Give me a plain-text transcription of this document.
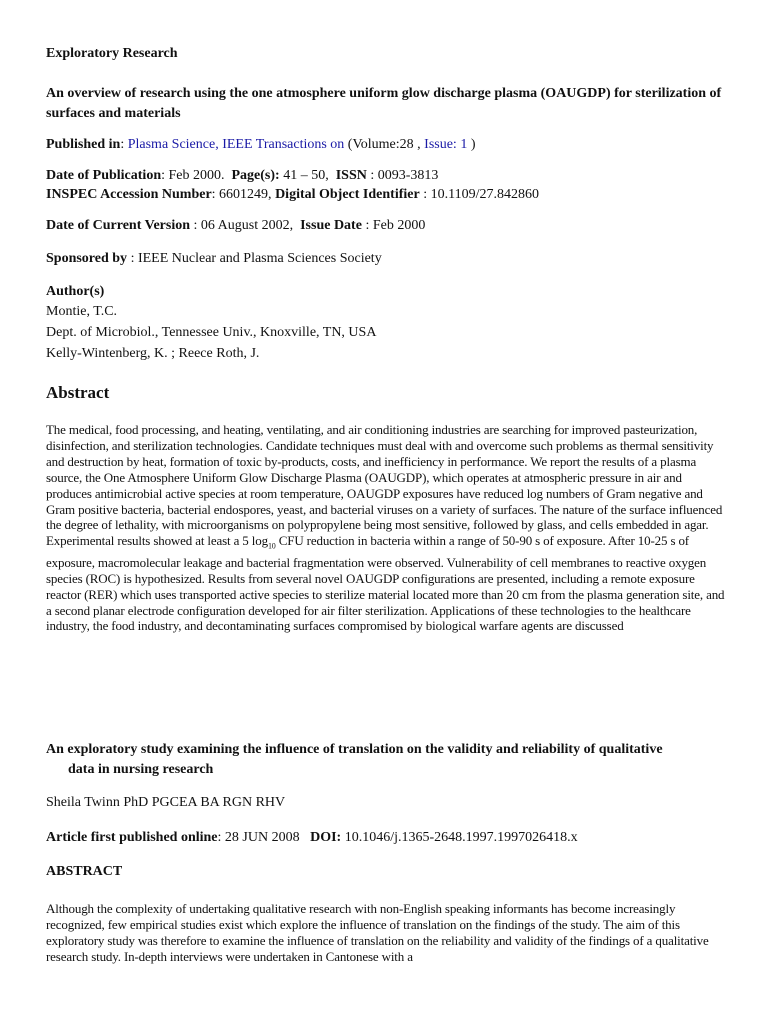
Exploratory Research
An overview of research using the one atmosphere uniform glow discharge plasma (OAUGDP) for sterilization of surfaces and materials
Published in: Plasma Science, IEEE Transactions on (Volume:28 , Issue: 1 )
Date of Publication: Feb 2000. Page(s): 41 – 50, ISSN : 0093-3813
INSPEC Accession Number: 6601249, Digital Object Identifier : 10.1109/27.842860
Date of Current Version : 06 August 2002, Issue Date : Feb 2000
Sponsored by : IEEE Nuclear and Plasma Sciences Society
Author(s)
Montie, T.C.
Dept. of Microbiol., Tennessee Univ., Knoxville, TN, USA
Kelly-Wintenberg, K. ; Reece Roth, J.
Abstract
The medical, food processing, and heating, ventilating, and air conditioning industries are searching for improved pasteurization, disinfection, and sterilization technologies. Candidate techniques must deal with and overcome such problems as thermal sensitivity and destruction by heat, formation of toxic by-products, costs, and inefficiency in performance. We report the results of a plasma source, the One Atmosphere Uniform Glow Discharge Plasma (OAUGDP), which operates at atmospheric pressure in air and produces antimicrobial active species at room temperature, OAUGDP exposures have reduced log numbers of Gram negative and Gram positive bacteria, bacterial endospores, yeast, and bacterial viruses on a variety of surfaces. The nature of the surface influenced the degree of lethality, with microorganisms on polypropylene being most sensitive, followed by glass, and cells embedded in agar. Experimental results showed at least a 5 $\log_{10}$ CFU reduction in bacteria within a range of 50-90 s of exposure. After 10-25 s of exposure, macromolecular leakage and bacterial fragmentation were observed. Vulnerability of cell membranes to reactive oxygen species (ROC) is hypothesized. Results from several novel OAUGDP configurations are presented, including a remote exposure reactor (RER) which uses transported active species to sterilize material located more than 20 cm from the plasma generation site, and a second planar electrode configuration developed for air filter sterilization. Applications of these technologies to the healthcare industry, the food industry, and decontaminating surfaces compromised by biological warfare agents are discussed
An exploratory study examining the influence of translation on the validity and reliability of qualitative
data in nursing research
Sheila Twinn PhD PGCEA BA RGN RHV
Article first published online: 28 JUN 2008 DOI: 10.1046/j.1365-2648.1997.1997026418.x
ABSTRACT
Although the complexity of undertaking qualitative research with non-English speaking informants has become increasingly recognized, few empirical studies exist which explore the influence of translation on the findings of the study. The aim of this exploratory study was therefore to examine the influence of translation on the reliability and validity of the findings of a qualitative research study. In-depth interviews were undertaken in Cantonese with a
